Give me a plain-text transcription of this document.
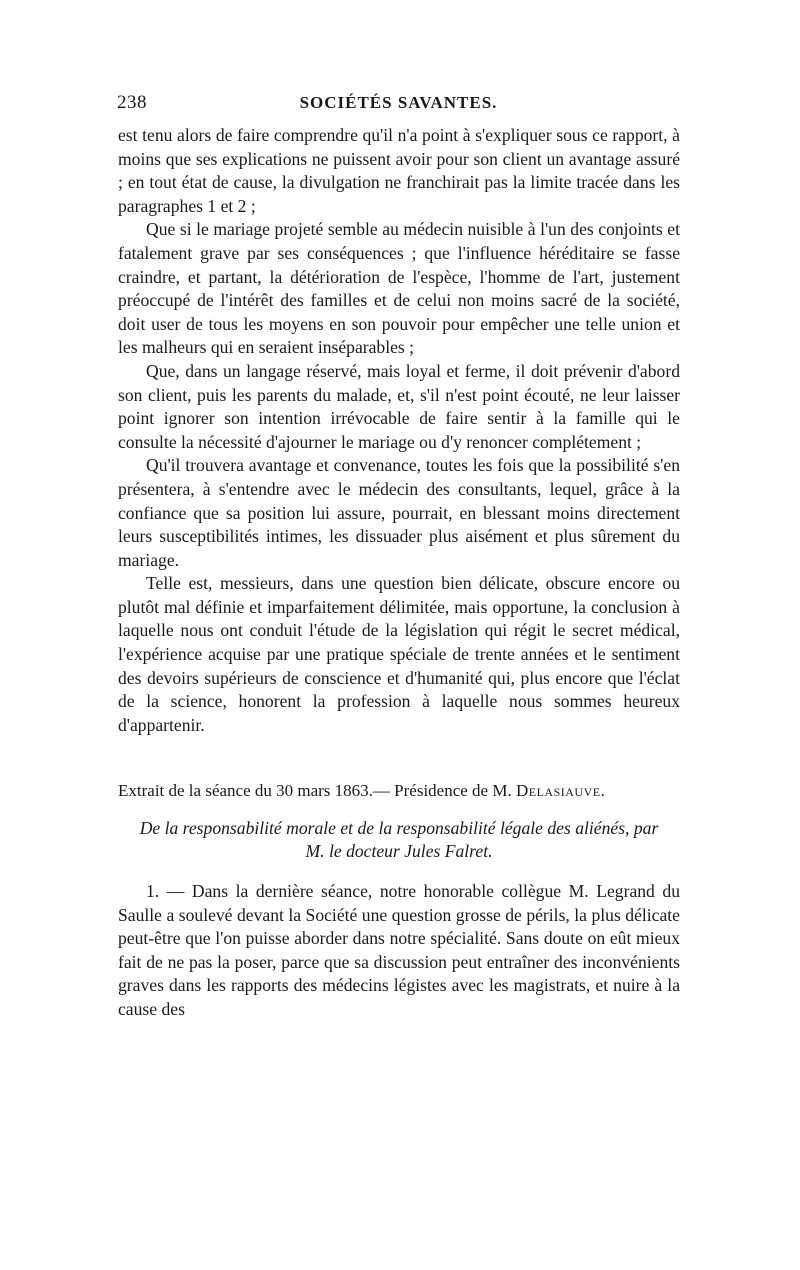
238	SOCIÉTÉS SAVANTES.

est tenu alors de faire comprendre qu'il n'a point à s'expliquer sous ce rapport, à moins que ses explications ne puissent avoir pour son client un avantage assuré ; en tout état de cause, la divulgation ne franchirait pas la limite tracée dans les paragraphes 1 et 2 ;

Que si le mariage projeté semble au médecin nuisible à l'un des conjoints et fatalement grave par ses conséquences ; que l'influence héréditaire se fasse craindre, et partant, la détérioration de l'espèce, l'homme de l'art, justement préoccupé de l'intérêt des familles et de celui non moins sacré de la société, doit user de tous les moyens en son pouvoir pour empêcher une telle union et les malheurs qui en seraient inséparables ;

Que, dans un langage réservé, mais loyal et ferme, il doit prévenir d'abord son client, puis les parents du malade, et, s'il n'est point écouté, ne leur laisser point ignorer son intention irrévocable de faire sentir à la famille qui le consulte la nécessité d'ajourner le mariage ou d'y renoncer complétement ;

Qu'il trouvera avantage et convenance, toutes les fois que la possibilité s'en présentera, à s'entendre avec le médecin des consultants, lequel, grâce à la confiance que sa position lui assure, pourrait, en blessant moins directement leurs susceptibilités intimes, les dissuader plus aisément et plus sûrement du mariage.

Telle est, messieurs, dans une question bien délicate, obscure encore ou plutôt mal définie et imparfaitement délimitée, mais opportune, la conclusion à laquelle nous ont conduit l'étude de la législation qui régit le secret médical, l'expérience acquise par une pratique spéciale de trente années et le sentiment des devoirs supérieurs de conscience et d'humanité qui, plus encore que l'éclat de la science, honorent la profession à laquelle nous sommes heureux d'appartenir.

Extrait de la séance du 30 mars 1863.— Présidence de M. Delasiauve.

De la responsabilité morale et de la responsabilité légale des aliénés, par M. le docteur Jules Falret.

1. — Dans la dernière séance, notre honorable collègue M. Legrand du Saulle a soulevé devant la Société une question grosse de périls, la plus délicate peut-être que l'on puisse aborder dans notre spécialité. Sans doute on eût mieux fait de ne pas la poser, parce que sa discussion peut entraîner des inconvénients graves dans les rapports des médecins légistes avec les magistrats, et nuire à la cause des
